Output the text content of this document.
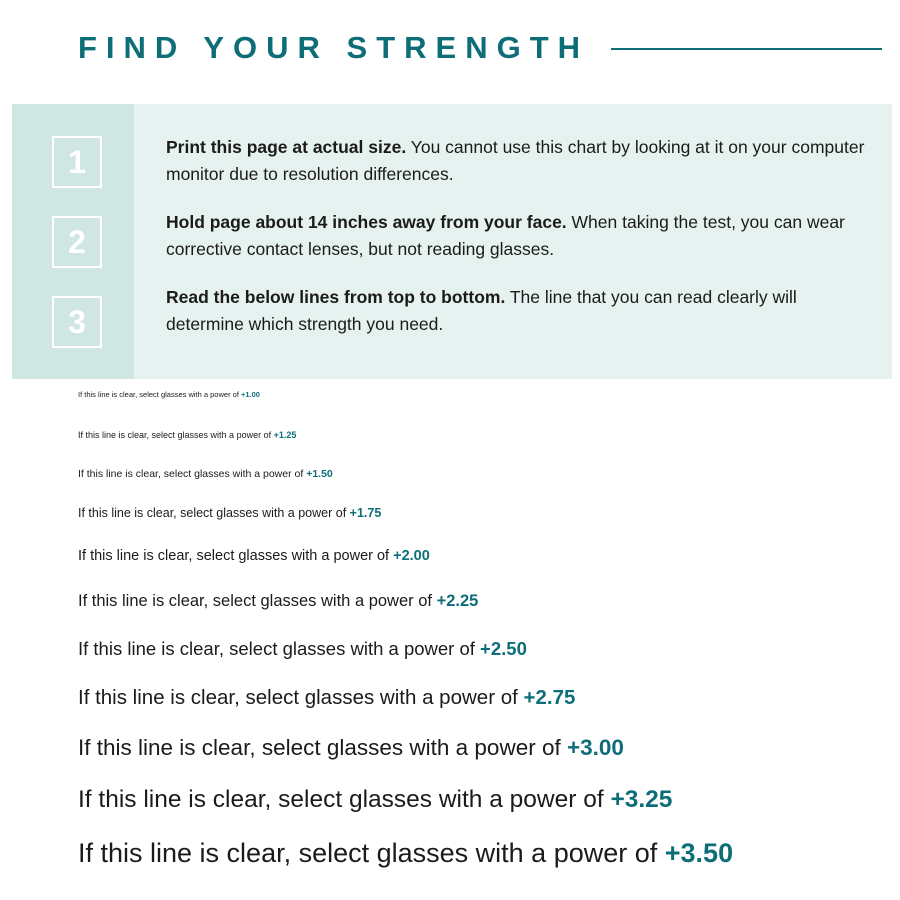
FIND YOUR STRENGTH
1
2
3
Print this page at actual size. You cannot use this chart by looking at it on your computer monitor due to resolution differences.
Hold page about 14 inches away from your face. When taking the test, you can wear corrective contact lenses, but not reading glasses.
Read the below lines from top to bottom. The line that you can read clearly will determine which strength you need.
If this line is clear, select glasses with a power of +1.00
If this line is clear, select glasses with a power of +1.25
If this line is clear, select glasses with a power of +1.50
If this line is clear, select glasses with a power of +1.75
If this line is clear, select glasses with a power of +2.00
If this line is clear, select glasses with a power of +2.25
If this line is clear, select glasses with a power of +2.50
If this line is clear, select glasses with a power of +2.75
If this line is clear, select glasses with a power of +3.00
If this line is clear, select glasses with a power of +3.25
If this line is clear, select glasses with a power of +3.50
